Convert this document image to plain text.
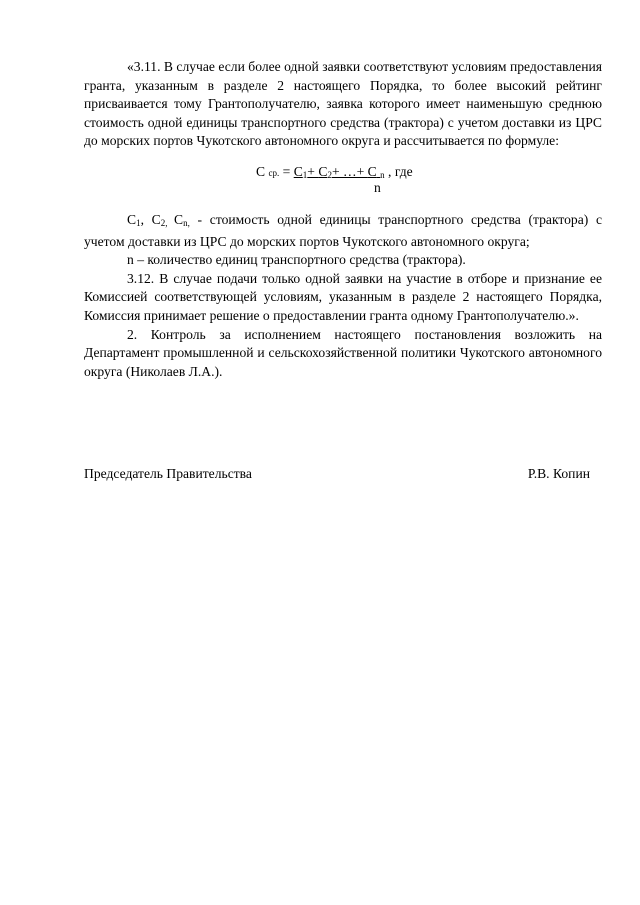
«3.11. В случае если более одной заявки соответствуют условиям предоставления гранта, указанным в разделе 2 настоящего Порядка, то более высокий рейтинг присваивается тому Грантополучателю, заявка которого имеет наименьшую среднюю стоимость одной единицы транспортного средства (трактора) с учетом доставки из ЦРС до морских портов Чукотского автономного округа и рассчитывается по формуле:

С ср. = $С_1+ С_2+$ …+ С $_n$ , где
n

$С_1$, $С_{2,}$ $С_{n,}$ - стоимость одной единицы транспортного средства (трактора) с учетом доставки из ЦРС до морских портов Чукотского автономного округа;

n – количество единиц транспортного средства (трактора).

3.12. В случае подачи только одной заявки на участие в отборе и признание ее Комиссией соответствующей условиям, указанным в разделе 2 настоящего Порядка, Комиссия принимает решение о предоставлении гранта одному Грантополучателю.».

2. Контроль за исполнением настоящего постановления возложить на Департамент промышленной и сельскохозяйственной политики Чукотского автономного округа (Николаев Л.А.).

Председатель Правительства	Р.В. Копин
